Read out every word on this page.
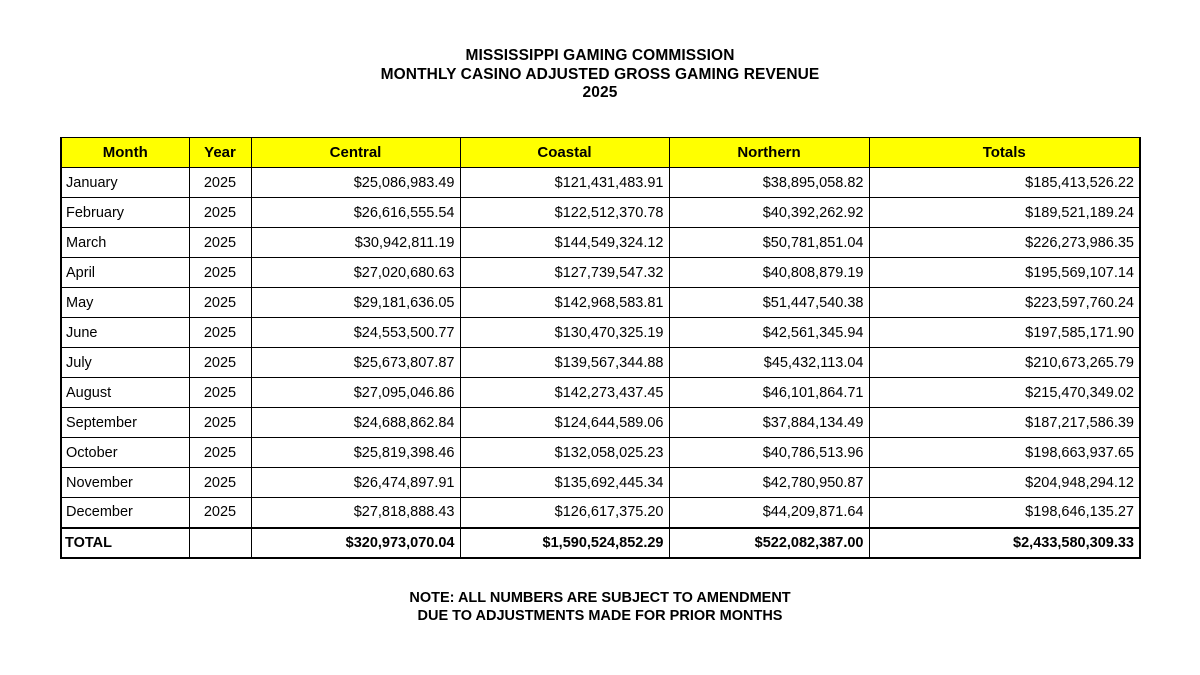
MISSISSIPPI GAMING COMMISSION
MONTHLY CASINO ADJUSTED GROSS GAMING REVENUE
2025
Month	Year	Central	Coastal	Northern	Totals
January	2025	$25,086,983.49	$121,431,483.91	$38,895,058.82	$185,413,526.22
February	2025	$26,616,555.54	$122,512,370.78	$40,392,262.92	$189,521,189.24
March	2025	$30,942,811.19	$144,549,324.12	$50,781,851.04	$226,273,986.35
April	2025	$27,020,680.63	$127,739,547.32	$40,808,879.19	$195,569,107.14
May	2025	$29,181,636.05	$142,968,583.81	$51,447,540.38	$223,597,760.24
June	2025	$24,553,500.77	$130,470,325.19	$42,561,345.94	$197,585,171.90
July	2025	$25,673,807.87	$139,567,344.88	$45,432,113.04	$210,673,265.79
August	2025	$27,095,046.86	$142,273,437.45	$46,101,864.71	$215,470,349.02
September	2025	$24,688,862.84	$124,644,589.06	$37,884,134.49	$187,217,586.39
October	2025	$25,819,398.46	$132,058,025.23	$40,786,513.96	$198,663,937.65
November	2025	$26,474,897.91	$135,692,445.34	$42,780,950.87	$204,948,294.12
December	2025	$27,818,888.43	$126,617,375.20	$44,209,871.64	$198,646,135.27
TOTAL		$320,973,070.04	$1,590,524,852.29	$522,082,387.00	$2,433,580,309.33
NOTE: ALL NUMBERS ARE SUBJECT TO AMENDMENT
DUE TO ADJUSTMENTS MADE FOR PRIOR MONTHS
